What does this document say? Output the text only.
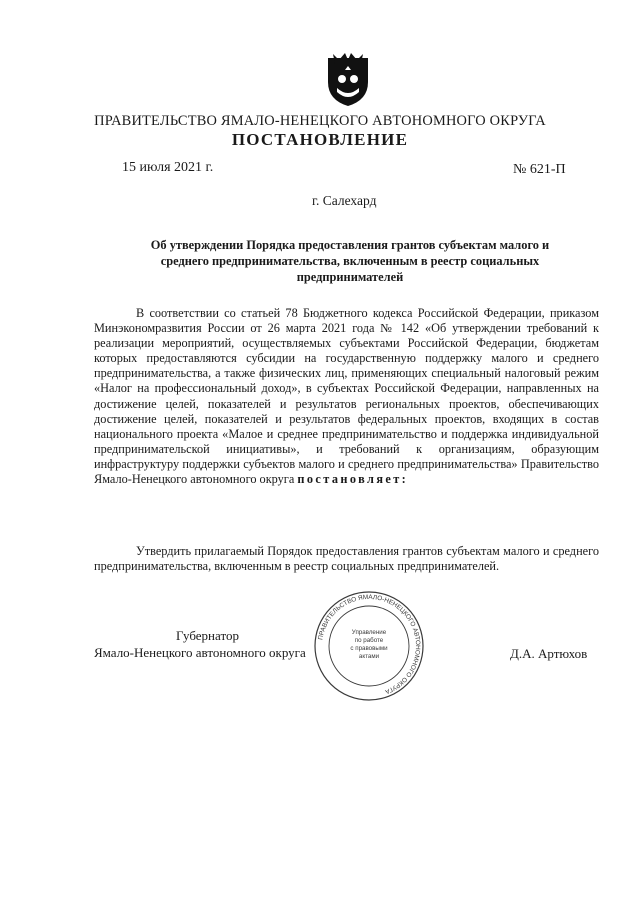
ПРАВИТЕЛЬСТВО ЯМАЛО-НЕНЕЦКОГО АВТОНОМНОГО ОКРУГА
ПОСТАНОВЛЕНИЕ
15 июля 2021 г.	№ 621-П
г. Салехард
Об утверждении Порядка предоставления грантов субъектам малого и среднего предпринимательства, включенным в реестр социальных предпринимателей

В соответствии со статьей 78 Бюджетного кодекса Российской Федерации, приказом Минэкономразвития России от 26 марта 2021 года № 142 «Об утверждении требований к реализации мероприятий, осуществляемых субъектами Российской Федерации, бюджетам которых предоставляются субсидии на государственную поддержку малого и среднего предпринимательства, а также физических лиц, применяющих специальный налоговый режим «Налог на профессиональный доход», в субъектах Российской Федерации, направленных на достижение целей, показателей и результатов региональных проектов, обеспечивающих достижение целей, показателей и результатов федеральных проектов, входящих в состав национального проекта «Малое и среднее предпринимательство и поддержка индивидуальной предпринимательской инициативы», и требований к организациям, образующим инфраструктуру поддержки субъектов малого и среднего предпринимательства» Правительство Ямало-Ненецкого автономного округа постановляет:

Утвердить прилагаемый Порядок предоставления грантов субъектам малого и среднего предпринимательства, включенным в реестр социальных предпринимателей.

Губернатор
Ямало-Ненецкого автономного округа	Д.А. Артюхов
Управление
по работе
с правовыми
актами
ПРАВИТЕЛЬСТВО ЯМАЛО-НЕНЕЦКОГО АВТОНОМНОГО ОКРУГА
